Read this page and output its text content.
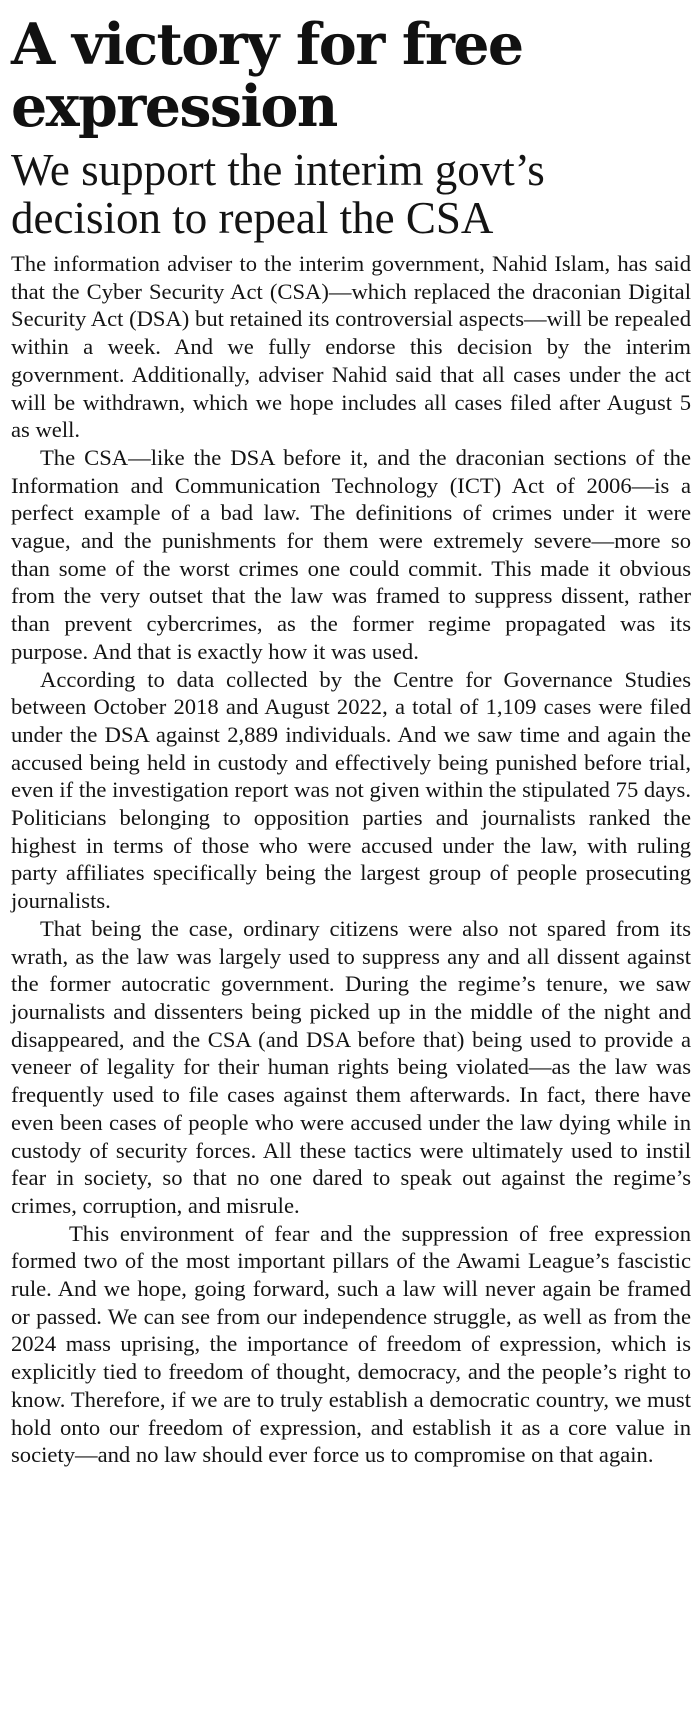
A victory for free expression
We support the interim govt’s decision to repeal the CSA

The information adviser to the interim government, Nahid Islam, has said that the Cyber Security Act (CSA)—which replaced the draconian Digital Security Act (DSA) but retained its controversial aspects—will be repealed within a week. And we fully endorse this decision by the interim government. Additionally, adviser Nahid said that all cases under the act will be withdrawn, which we hope includes all cases filed after August 5 as well.

The CSA—like the DSA before it, and the draconian sections of the Information and Communication Technology (ICT) Act of 2006—is a perfect example of a bad law. The definitions of crimes under it were vague, and the punishments for them were extremely severe—more so than some of the worst crimes one could commit. This made it obvious from the very outset that the law was framed to suppress dissent, rather than prevent cybercrimes, as the former regime propagated was its purpose. And that is exactly how it was used.

According to data collected by the Centre for Governance Studies between October 2018 and August 2022, a total of 1,109 cases were filed under the DSA against 2,889 individuals. And we saw time and again the accused being held in custody and effectively being punished before trial, even if the investigation report was not given within the stipulated 75 days. Politicians belonging to opposition parties and journalists ranked the highest in terms of those who were accused under the law, with ruling party affiliates specifically being the largest group of people prosecuting journalists.

That being the case, ordinary citizens were also not spared from its wrath, as the law was largely used to suppress any and all dissent against the former autocratic government. During the regime’s tenure, we saw journalists and dissenters being picked up in the middle of the night and disappeared, and the CSA (and DSA before that) being used to provide a veneer of legality for their human rights being violated—as the law was frequently used to file cases against them afterwards. In fact, there have even been cases of people who were accused under the law dying while in custody of security forces. All these tactics were ultimately used to instil fear in society, so that no one dared to speak out against the regime’s crimes, corruption, and misrule.

This environment of fear and the suppression of free expression formed two of the most important pillars of the Awami League’s fascistic rule. And we hope, going forward, such a law will never again be framed or passed. We can see from our independence struggle, as well as from the 2024 mass uprising, the importance of freedom of expression, which is explicitly tied to freedom of thought, democracy, and the people’s right to know. Therefore, if we are to truly establish a democratic country, we must hold onto our freedom of expression, and establish it as a core value in society—and no law should ever force us to compromise on that again.
